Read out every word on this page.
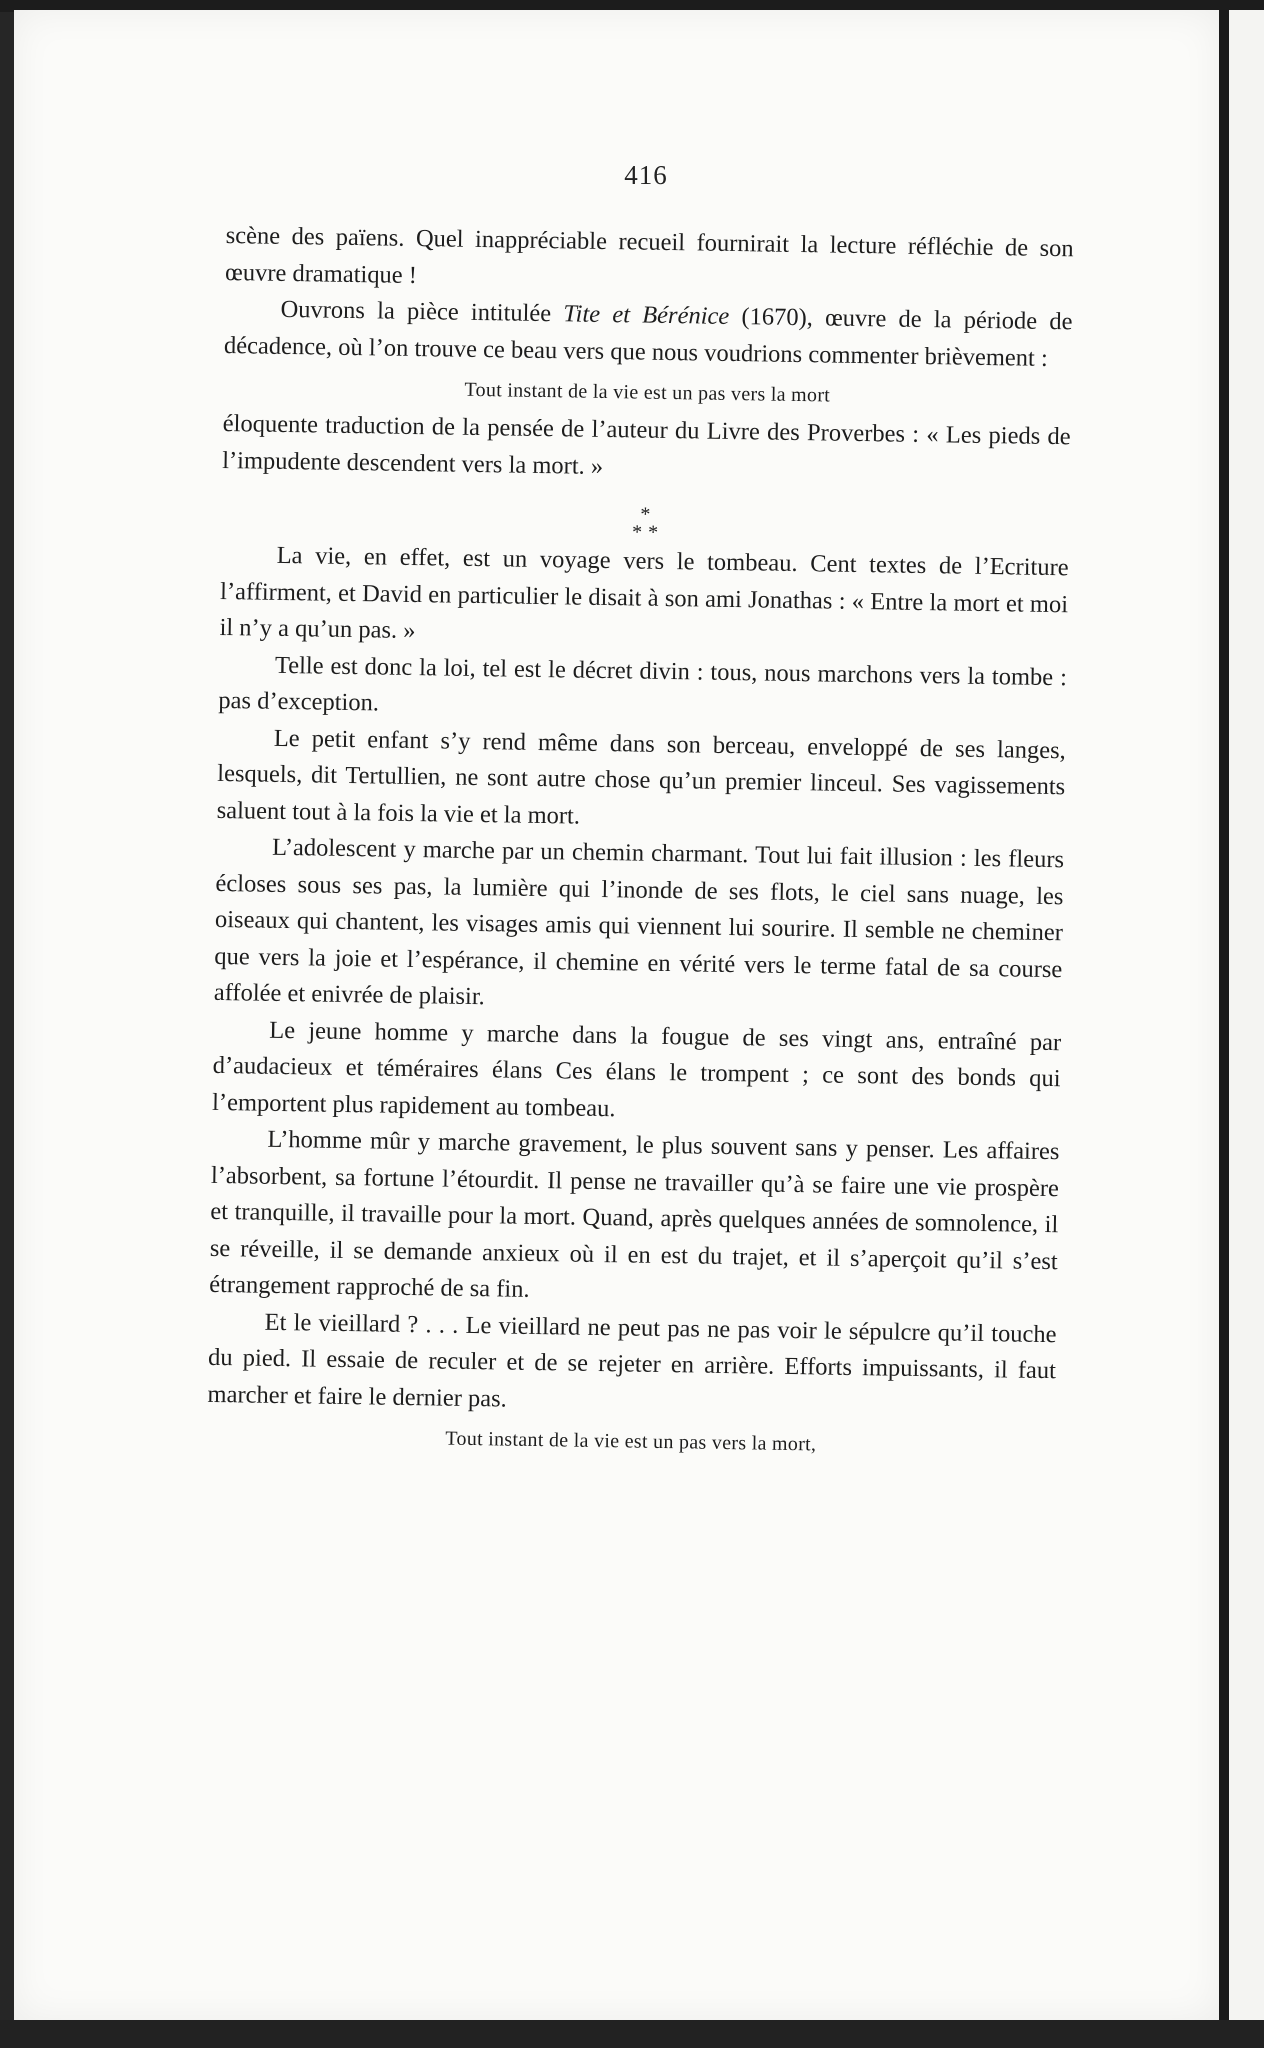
416

scène des païens. Quel inappréciable recueil fournirait la lecture réfléchie de son œuvre dramatique !

Ouvrons la pièce intitulée Tite et Bérénice (1670), œuvre de la période de décadence, où l’on trouve ce beau vers que nous voudrions commenter brièvement :

Tout instant de la vie est un pas vers la mort

éloquente traduction de la pensée de l’auteur du Livre des Proverbes : « Les pieds de l’impudente descendent vers la mort. »

*
**

La vie, en effet, est un voyage vers le tombeau. Cent textes de l’Ecriture l’affirment, et David en particulier le disait à son ami Jonathas : « Entre la mort et moi il n’y a qu’un pas. »

Telle est donc la loi, tel est le décret divin : tous, nous marchons vers la tombe : pas d’exception.

Le petit enfant s’y rend même dans son berceau, enveloppé de ses langes, lesquels, dit Tertullien, ne sont autre chose qu’un premier linceul. Ses vagissements saluent tout à la fois la vie et la mort.

L’adolescent y marche par un chemin charmant. Tout lui fait illusion : les fleurs écloses sous ses pas, la lumière qui l’inonde de ses flots, le ciel sans nuage, les oiseaux qui chantent, les visages amis qui viennent lui sourire. Il semble ne cheminer que vers la joie et l’espérance, il chemine en vérité vers le terme fatal de sa course affolée et enivrée de plaisir.

Le jeune homme y marche dans la fougue de ses vingt ans, entraîné par d’audacieux et téméraires élans Ces élans le trompent ; ce sont des bonds qui l’emportent plus rapidement au tombeau.

L’homme mûr y marche gravement, le plus souvent sans y penser. Les affaires l’absorbent, sa fortune l’étourdit. Il pense ne travailler qu’à se faire une vie prospère et tranquille, il travaille pour la mort. Quand, après quelques années de somnolence, il se réveille, il se demande anxieux où il en est du trajet, et il s’aperçoit qu’il s’est étrangement rapproché de sa fin.

Et le vieillard ? . . . Le vieillard ne peut pas ne pas voir le sépulcre qu’il touche du pied. Il essaie de reculer et de se rejeter en arrière. Efforts impuissants, il faut marcher et faire le dernier pas.

Tout instant de la vie est un pas vers la mort,
